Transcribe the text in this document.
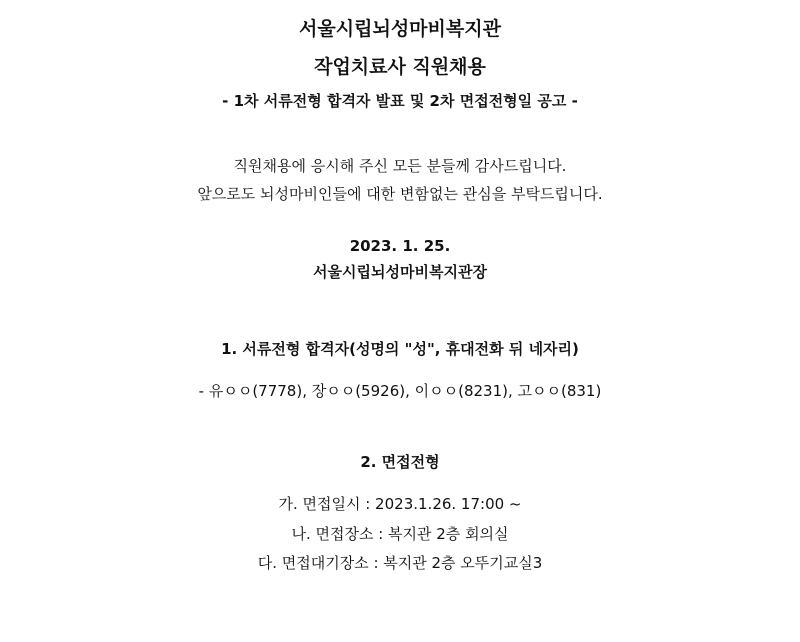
서울시립뇌성마비복지관
작업치료사 직원채용
- 1차 서류전형 합격자 발표 및 2차 면접전형일 공고 -
직원채용에 응시해 주신 모든 분들께 감사드립니다.
앞으로도 뇌성마비인들에 대한 변함없는 관심을 부탁드립니다.
2023. 1. 25.
서울시립뇌성마비복지관장
1. 서류전형 합격자(성명의 "성", 휴대전화 뒤 네자리)
- 유ㅇㅇ(7778), 장ㅇㅇ(5926), 이ㅇㅇ(8231), 고ㅇㅇ(831)
2. 면접전형
가. 면접일시 : 2023.1.26. 17:00 ~
나. 면접장소 : 복지관 2층 회의실
다. 면접대기장소 : 복지관 2층 오뚜기교실3
